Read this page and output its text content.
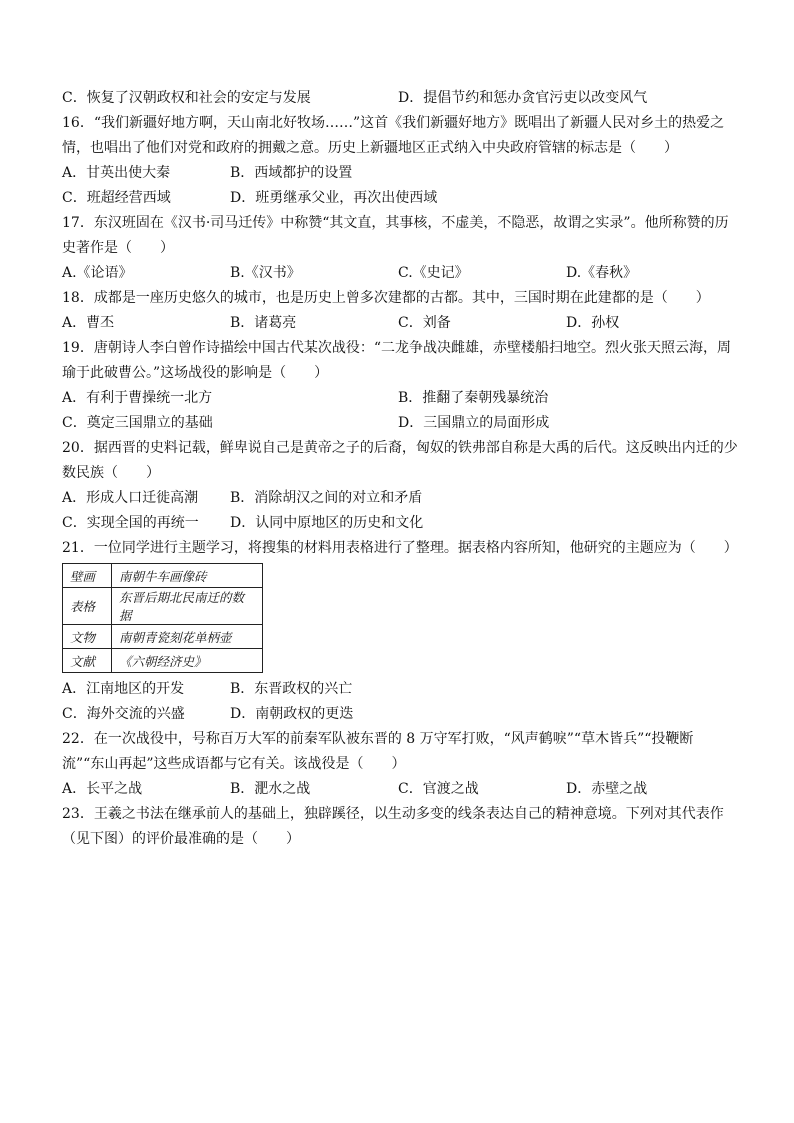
C．恢复了汉朝政权和社会的安定与发展	D．提倡节约和惩办贪官污吏以改变风气
16．“我们新疆好地方啊，天山南北好牧场……”这首《我们新疆好地方》既唱出了新疆人民对乡土的热爱之
情，也唱出了他们对党和政府的拥戴之意。历史上新疆地区正式纳入中央政府管辖的标志是（　　）
A．甘英出使大秦	B．西域都护的设置
C．班超经营西域	D．班勇继承父业，再次出使西域
17．东汉班固在《汉书·司马迁传》中称赞“其文直，其事核，不虚美，不隐恶，故谓之实录”。他所称赞的历
史著作是（　　）
A.《论语》	B.《汉书》	C.《史记》	D.《春秋》
18．成都是一座历史悠久的城市，也是历史上曾多次建都的古都。其中，三国时期在此建都的是（　　）
A．曹丕	B．诸葛亮	C．刘备	D．孙权
19．唐朝诗人李白曾作诗描绘中国古代某次战役：“二龙争战决雌雄，赤壁楼船扫地空。烈火张天照云海，周
瑜于此破曹公。”这场战役的影响是（　　）
A．有利于曹操统一北方	B．推翻了秦朝残暴统治
C．奠定三国鼎立的基础	D．三国鼎立的局面形成
20．据西晋的史料记载，鲜卑说自己是黄帝之子的后裔，匈奴的铁弗部自称是大禹的后代。这反映出内迁的少
数民族（　　）
A．形成人口迁徙高潮 B．消除胡汉之间的对立和矛盾
C．实现全国的再统一 D．认同中原地区的历史和文化
21．一位同学进行主题学习，将搜集的材料用表格进行了整理。据表格内容所知，他研究的主题应为（　　）
壁画	南朝牛车画像砖
表格	东晋后期北民南迁的数据
文物	南朝青瓷刻花单柄壶
文献	《六朝经济史》
A．江南地区的开发	B．东晋政权的兴亡
C．海外交流的兴盛	D．南朝政权的更迭
22．在一次战役中，号称百万大军的前秦军队被东晋的 8 万守军打败，“风声鹤唳”“草木皆兵”“投鞭断
流”“东山再起”这些成语都与它有关。该战役是（　　）
A．长平之战	B．淝水之战	C．官渡之战	D．赤壁之战
23．王羲之书法在继承前人的基础上，独辟蹊径，以生动多变的线条表达自己的精神意境。下列对其代表作
（见下图）的评价最准确的是（　　）
